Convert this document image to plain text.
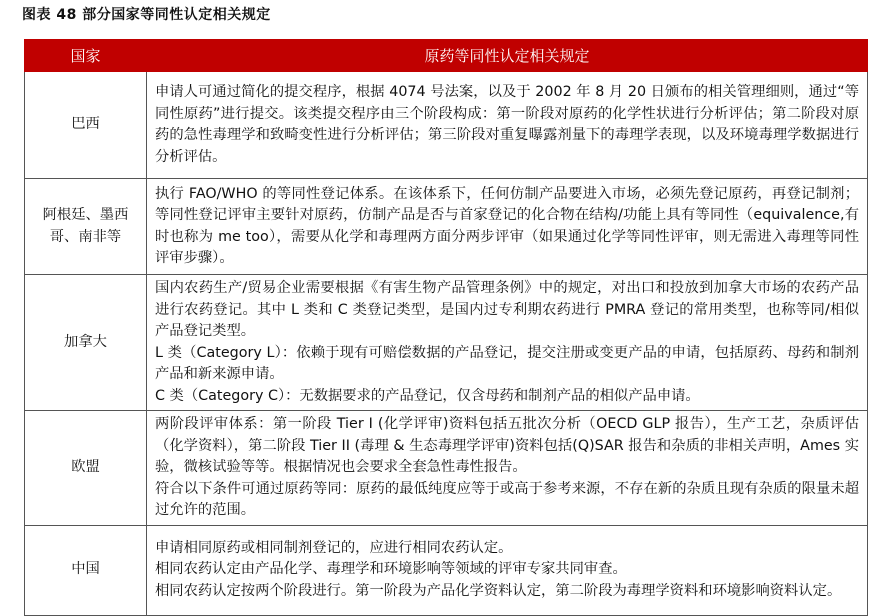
图表 48 部分国家等同性认定相关规定
国家	原药等同性认定相关规定
巴西	申请人可通过简化的提交程序，根据 4074 号法案，以及于 2002 年 8 月 20 日颁布的相关管理细则，通过“等同性原药”进行提交。该类提交程序由三个阶段构成：第一阶段对原药的化学性状进行分析评估；第二阶段对原药的急性毒理学和致畸变性进行分析评估；第三阶段对重复曝露剂量下的毒理学表现，以及环境毒理学数据进行分析评估。

阿根廷、墨西哥、南非等	执行 FAO/WHO 的等同性登记体系。在该体系下，任何仿制产品要进入市场，必须先登记原药，再登记制剂；等同性登记评审主要针对原药，仿制产品是否与首家登记的化合物在结构/功能上具有等同性（equivalence,有时也称为 me too），需要从化学和毒理两方面分两步评审（如果通过化学等同性评审，则无需进入毒理等同性评审步骤）。

加拿大	国内农药生产/贸易企业需要根据《有害生物产品管理条例》中的规定，对出口和投放到加拿大市场的农药产品进行农药登记。其中 L 类和 C 类登记类型，是国内过专利期农药进行 PMRA 登记的常用类型，也称等同/相似产品登记类型。

L 类（Category L）：依赖于现有可赔偿数据的产品登记，提交注册或变更产品的申请，包括原药、母药和制剂产品和新来源申请。

C 类（Category C）：无数据要求的产品登记，仅含母药和制剂产品的相似产品申请。

欧盟	两阶段评审体系：第一阶段 Tier I (化学评审)资料包括五批次分析（OECD GLP 报告），生产工艺，杂质评估（化学资料），第二阶段 Tier II (毒理 & 生态毒理学评审)资料包括(Q)SAR 报告和杂质的非相关声明，Ames 实验，微核试验等等。根据情况也会要求全套急性毒性报告。

符合以下条件可通过原药等同：原药的最低纯度应等于或高于参考来源，不存在新的杂质且现有杂质的限量未超过允许的范围。

中国	申请相同原药或相同制剂登记的，应进行相同农药认定。

相同农药认定由产品化学、毒理学和环境影响等领域的评审专家共同审查。

相同农药认定按两个阶段进行。第一阶段为产品化学资料认定，第二阶段为毒理学资料和环境影响资料认定。
